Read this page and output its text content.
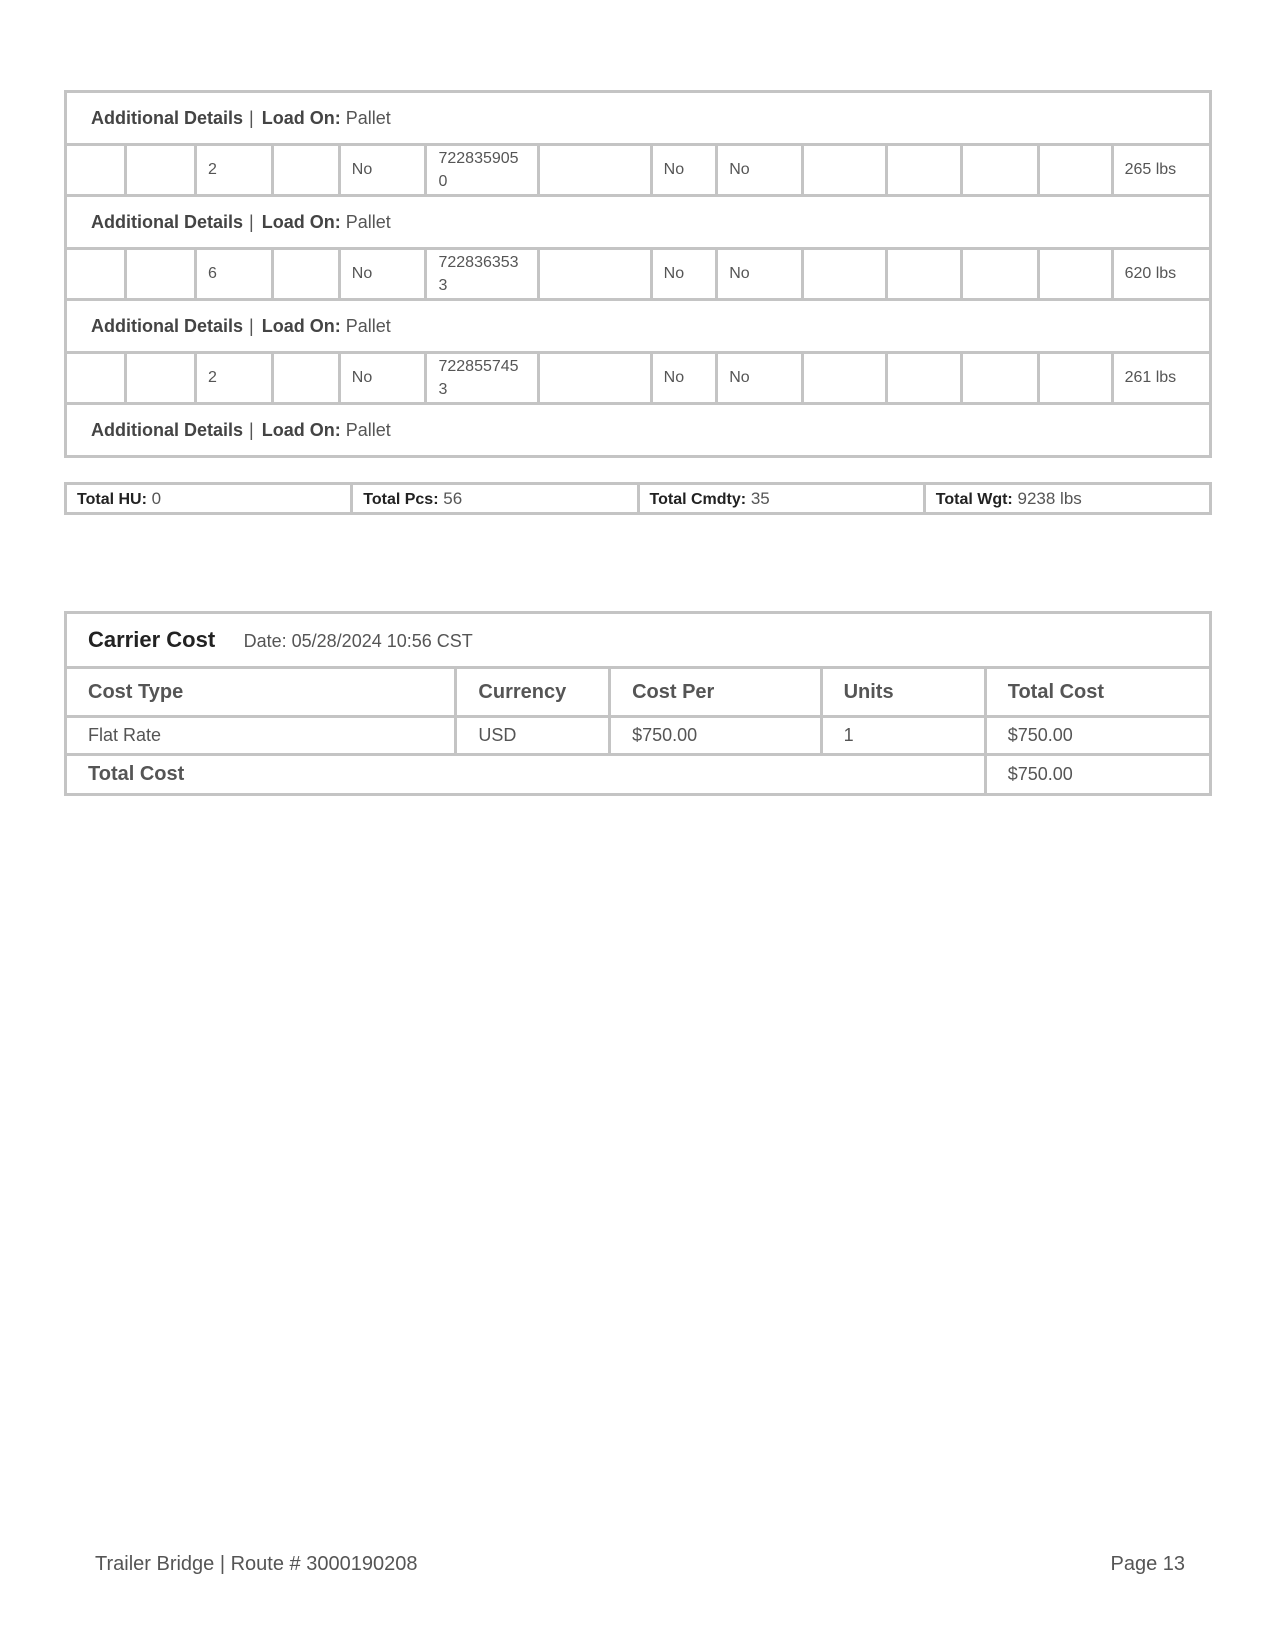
Additional Details | Load On: Pallet													
		2		No	7228359050		No	No					265 lbs
Additional Details | Load On: Pallet													
		6		No	7228363533		No	No					620 lbs
Additional Details | Load On: Pallet													
		2		No	7228557453		No	No					261 lbs
Additional Details | Load On: Pallet													
Total HU: 0	Total Pcs: 56	Total Cmdty: 35	Total Wgt: 9238 lbs
Carrier Cost Date: 05/28/2024 10:56 CST				
Cost Type	Currency	Cost Per	Units	Total Cost
Flat Rate	USD	$750.00	1	$750.00
Total Cost				$750.00
Trailer Bridge | Route # 3000190208	Page 13
